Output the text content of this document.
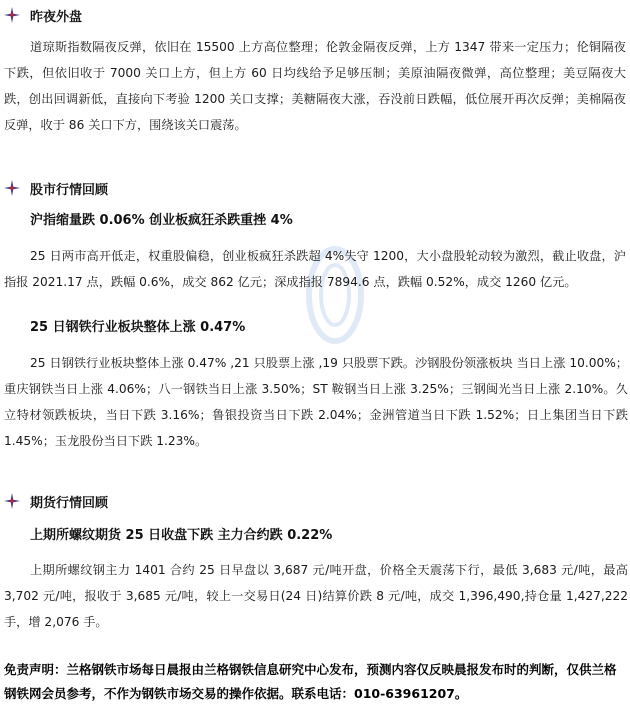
昨夜外盘
道琼斯指数隔夜反弹，依旧在 15500 上方高位整理；伦敦金隔夜反弹，上方 1347 带来一定压力；伦铜隔夜下跌，但依旧收于 7000 关口上方，但上方 60 日均线给予足够压制；美原油隔夜微弹，高位整理；美豆隔夜大跌，创出回调新低，直接向下考验 1200 关口支撑；美糖隔夜大涨，吞没前日跌幅，低位展开再次反弹；美棉隔夜反弹，收于 86 关口下方，围绕该关口震荡。
股市行情回顾
沪指缩量跌 0.06% 创业板疯狂杀跌重挫 4%
25 日两市高开低走，权重股偏稳，创业板疯狂杀跌超 4%失守 1200，大小盘股轮动较为激烈，截止收盘，沪指报 2021.17 点，跌幅 0.6%，成交 862 亿元；深成指报 7894.6 点，跌幅 0.52%，成交 1260 亿元。
25 日钢铁行业板块整体上涨 0.47%
25 日钢铁行业板块整体上涨 0.47% ,21 只股票上涨 ,19 只股票下跌。沙钢股份领涨板块 当日上涨 10.00%；重庆钢铁当日上涨 4.06%；八一钢铁当日上涨 3.50%；ST 鞍钢当日上涨 3.25%；三钢闽光当日上涨 2.10%。久立特材领跌板块，当日下跌 3.16%；鲁银投资当日下跌 2.04%；金洲管道当日下跌 1.52%；日上集团当日下跌 1.45%；玉龙股份当日下跌 1.23%。
期货行情回顾
上期所螺纹期货 25 日收盘下跌 主力合约跌 0.22%
上期所螺纹钢主力 1401 合约 25 日早盘以 3,687 元/吨开盘，价格全天震荡下行，最低 3,683 元/吨，最高 3,702 元/吨，报收于 3,685 元/吨，较上一交易日(24 日)结算价跌 8 元/吨，成交 1,396,490,持仓量 1,427,222 手，增 2,076 手。
免责声明：兰格钢铁市场每日晨报由兰格钢铁信息研究中心发布，预测内容仅反映晨报发布时的判断，仅供兰格钢铁网会员参考，不作为钢铁市场交易的操作依据。联系电话：010-63961207。
